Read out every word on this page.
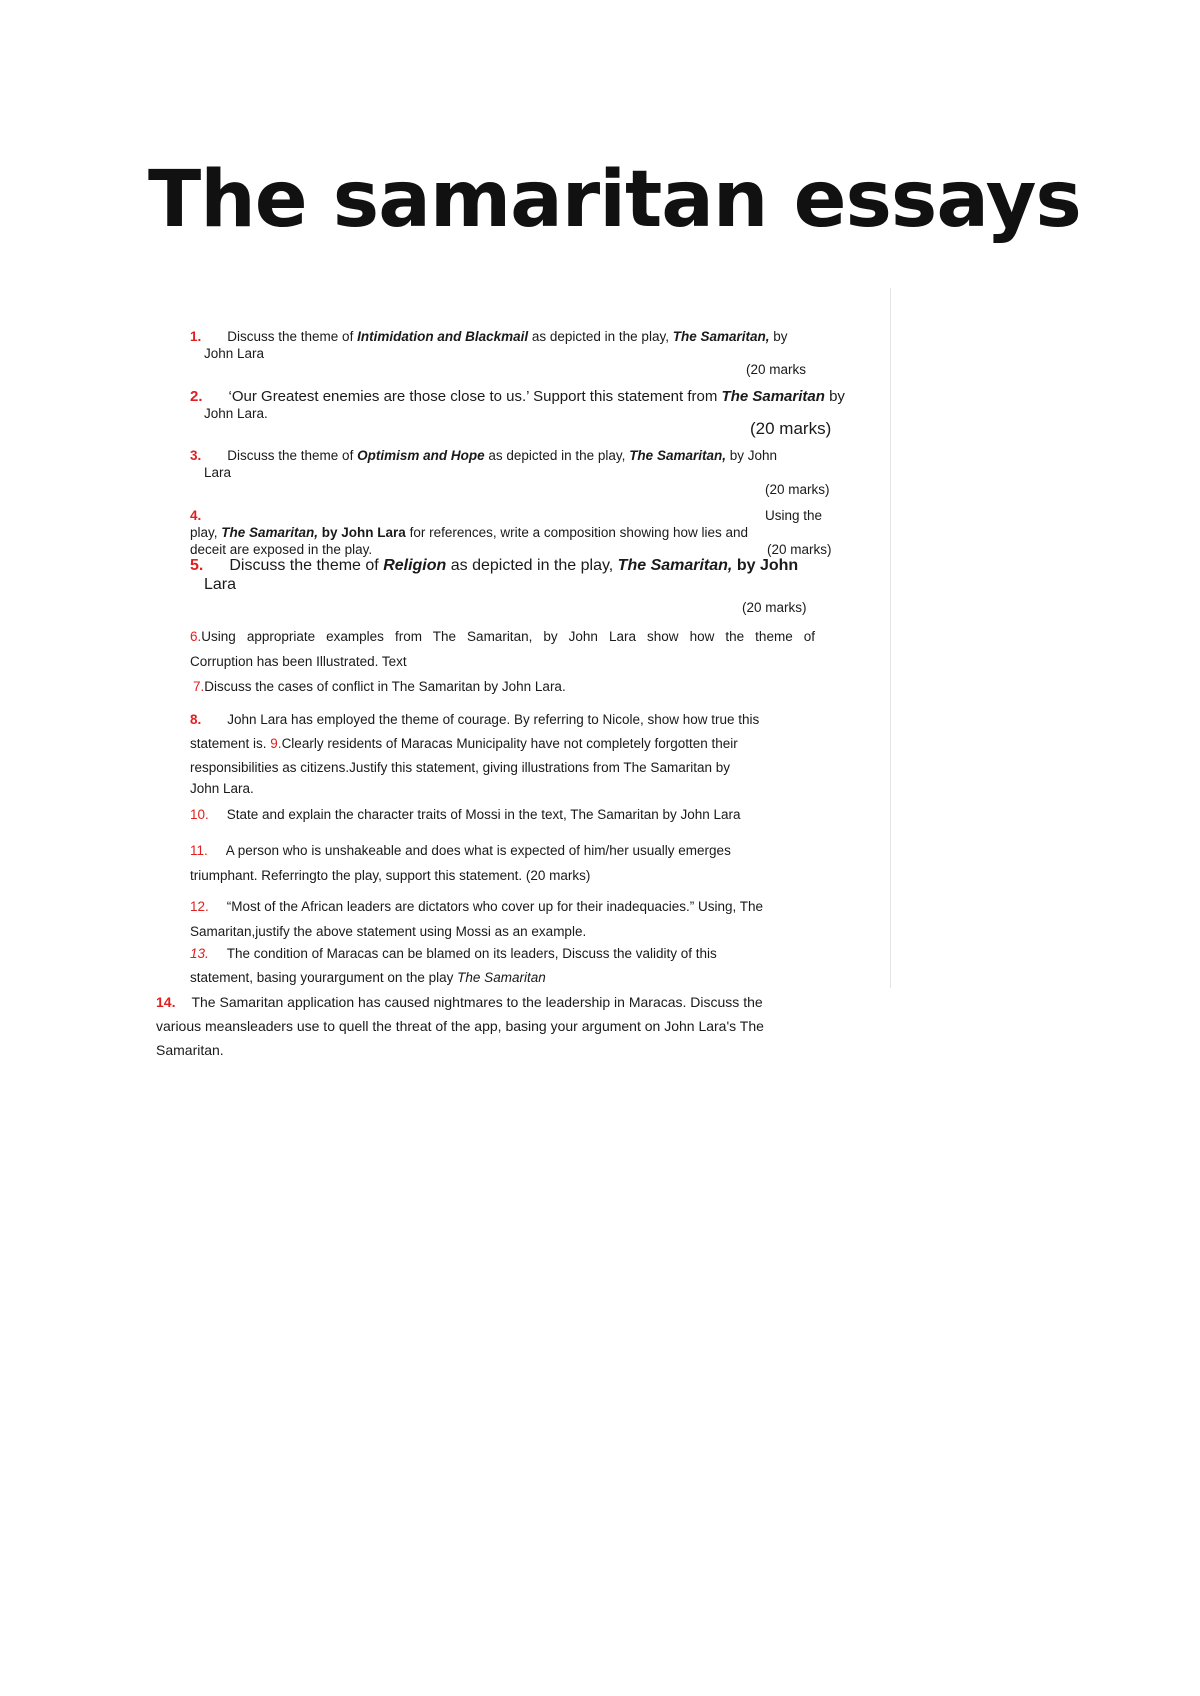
The samaritan essays
1. Discuss the theme of Intimidation and Blackmail as depicted in the play, The Samaritan, by
John Lara
(20 marks
2. ‘Our Greatest enemies are those close to us.’ Support this statement from The Samaritan by
John Lara.
(20 marks)
3. Discuss the theme of Optimism and Hope as depicted in the play, The Samaritan, by John
Lara
(20 marks)
4.	Using the
play, The Samaritan, by John Lara for references, write a composition showing how lies and
deceit are exposed in the play.	(20 marks)
5. Discuss the theme of Religion as depicted in the play, The Samaritan, by John
Lara
(20 marks)
6.Using appropriate examples from The Samaritan, by John Lara show how the theme of
Corruption has been Illustrated. Text
7.Discuss the cases of conflict in The Samaritan by John Lara.
8. John Lara has employed the theme of courage. By referring to Nicole, show how true this
statement is. 9.Clearly residents of Maracas Municipality have not completely forgotten their
responsibilities as citizens.Justify this statement, giving illustrations from The Samaritan by
John Lara.
10. State and explain the character traits of Mossi in the text, The Samaritan by John Lara
11. A person who is unshakeable and does what is expected of him/her usually emerges
triumphant. Referringto the play, support this statement. (20 marks)
12. “Most of the African leaders are dictators who cover up for their inadequacies.” Using, The
Samaritan,justify the above statement using Mossi as an example.
13. The condition of Maracas can be blamed on its leaders, Discuss the validity of this
statement, basing yourargument on the play The Samaritan
14. The Samaritan application has caused nightmares to the leadership in Maracas. Discuss the
various meansleaders use to quell the threat of the app, basing your argument on John Lara's The
Samaritan.
